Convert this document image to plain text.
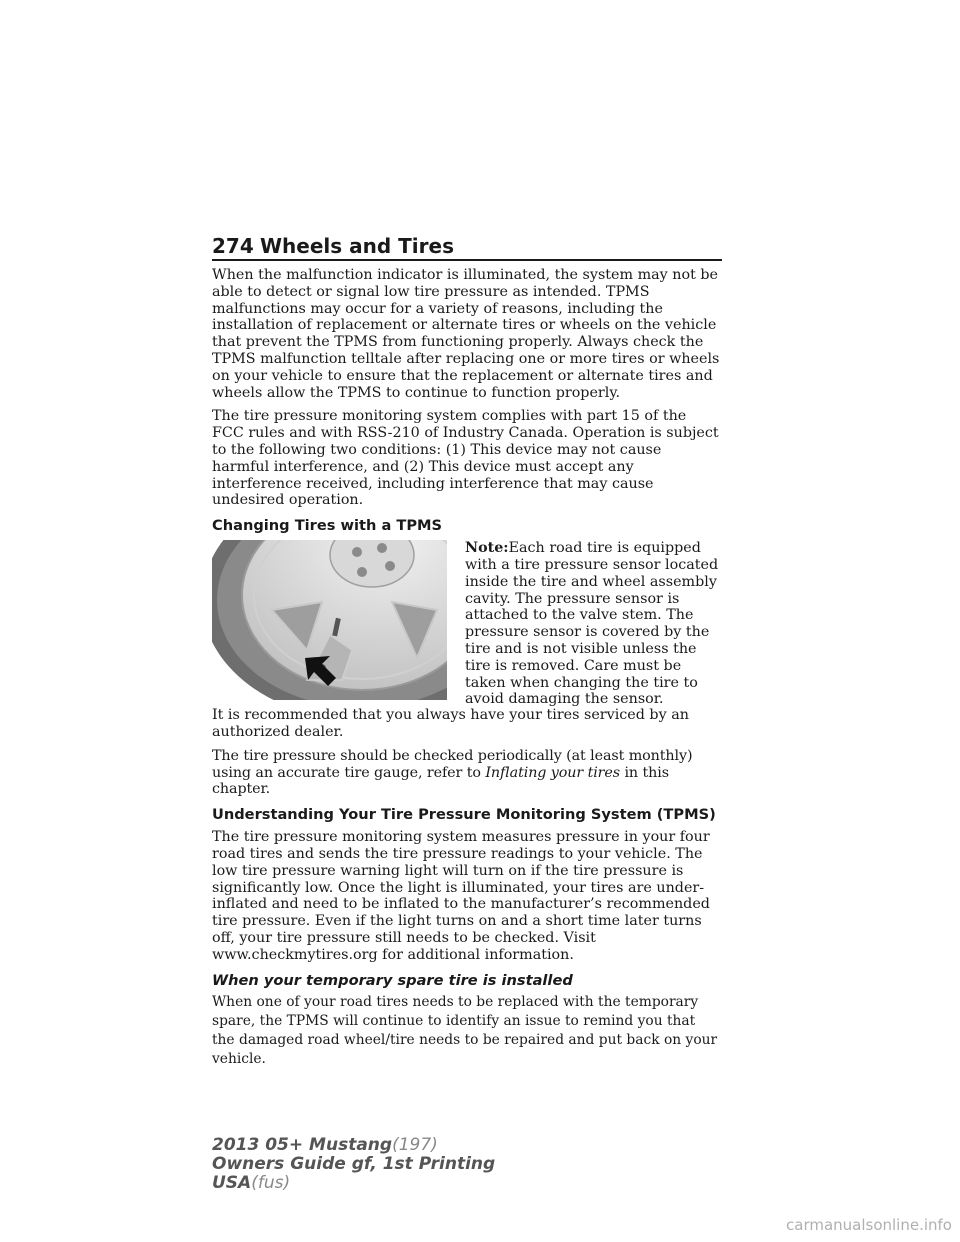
274 Wheels and Tires

When the malfunction indicator is illuminated, the system may not be able to detect or signal low tire pressure as intended. TPMS malfunctions may occur for a variety of reasons, including the installation of replacement or alternate tires or wheels on the vehicle that prevent the TPMS from functioning properly. Always check the TPMS malfunction telltale after replacing one or more tires or wheels on your vehicle to ensure that the replacement or alternate tires and wheels allow the TPMS to continue to function properly.

The tire pressure monitoring system complies with part 15 of the FCC rules and with RSS-210 of Industry Canada. Operation is subject to the following two conditions: (1) This device may not cause harmful interference, and (2) This device must accept any interference received, including interference that may cause undesired operation.

Changing Tires with a TPMS

Note:Each road tire is equipped with a tire pressure sensor located inside the tire and wheel assembly cavity. The pressure sensor is attached to the valve stem. The pressure sensor is covered by the tire and is not visible unless the tire is removed. Care must be taken when changing the tire to avoid damaging the sensor.

It is recommended that you always have your tires serviced by an authorized dealer.

The tire pressure should be checked periodically (at least monthly) using an accurate tire gauge, refer to Inflating your tires in this chapter.

Understanding Your Tire Pressure Monitoring System (TPMS)

The tire pressure monitoring system measures pressure in your four road tires and sends the tire pressure readings to your vehicle. The low tire pressure warning light will turn on if the tire pressure is significantly low. Once the light is illuminated, your tires are under-inflated and need to be inflated to the manufacturer’s recommended tire pressure. Even if the light turns on and a short time later turns off, your tire pressure still needs to be checked. Visit www.checkmytires.org for additional information.

When your temporary spare tire is installed

When one of your road tires needs to be replaced with the temporary spare, the TPMS will continue to identify an issue to remind you that the damaged road wheel/tire needs to be repaired and put back on your vehicle.

2013 05+ Mustang(197)
Owners Guide gf, 1st Printing
USA(fus)
carmanualsonline.info
